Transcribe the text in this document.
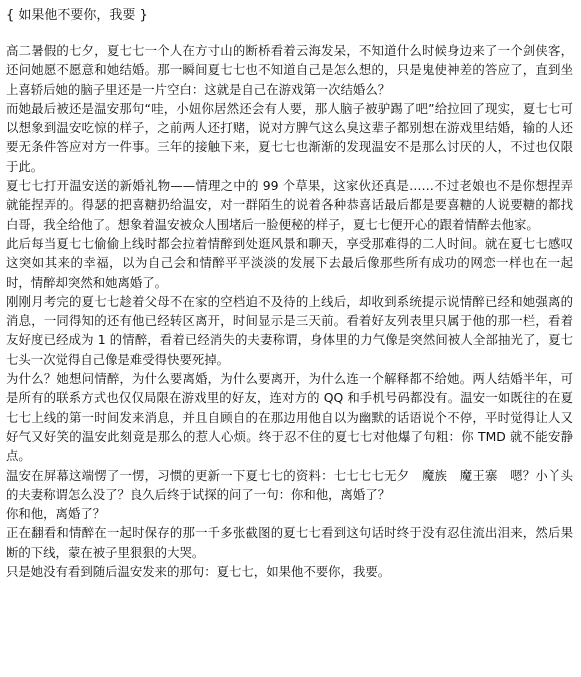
{ 如果他不要你，我要 }

高二暑假的七夕，夏七七一个人在方寸山的断桥看着云海发呆，不知道什么时候身边来了一个剑侠客，还问她愿不愿意和她结婚。那一瞬间夏七七也不知道自己是怎么想的，只是鬼使神差的答应了，直到坐上喜轿后她的脑子里还是一片空白：这就是自己在游戏第一次结婚么？

而她最后被还是温安那句“哇，小妞你居然还会有人要，那人脑子被驴踢了吧”给拉回了现实，夏七七可以想象到温安吃惊的样子，之前两人还打赌，说对方脾气这么臭这辈子都别想在游戏里结婚，输的人还要无条件答应对方一件事。三年的接触下来，夏七七也渐渐的发现温安不是那么讨厌的人，不过也仅限于此。

夏七七打开温安送的新婚礼物——情理之中的 99 个草果，这家伙还真是……不过老娘也不是你想捏弄就能捏弄的。得瑟的把喜糖扔给温安，对一群陌生的说着各种恭喜话最后都是要喜糖的人说要糖的都找白哥，我全给他了。想象着温安被众人围堵后一脸便秘的样子，夏七七便开心的跟着情醉去他家。

此后每当夏七七偷偷上线时都会拉着情醉到处逛风景和聊天，享受那难得的二人时间。就在夏七七感叹这突如其来的幸福，以为自己会和情醉平平淡淡的发展下去最后像那些所有成功的网恋一样也在一起时，情醉却突然和她离婚了。

刚刚月考完的夏七七趁着父母不在家的空档迫不及待的上线后，却收到系统提示说情醉已经和她强离的消息，一同得知的还有他已经转区离开，时间显示是三天前。看着好友列表里只属于他的那一栏，看着友好度已经成为 1 的情醉，看着已经消失的夫妻称谓，身体里的力气像是突然间被人全部抽光了，夏七七头一次觉得自己像是难受得快要死掉。

为什么？她想问情醉，为什么要离婚，为什么要离开，为什么连一个解释都不给她。两人结婚半年，可是所有的联系方式也仅仅局限在游戏里的好友，连对方的 QQ 和手机号码都没有。温安一如既往的在夏七七上线的第一时间发来消息，并且自顾自的在那边用他自以为幽默的话语说个不停，平时觉得让人又好气又好笑的温安此刻竟是那么的惹人心烦。终于忍不住的夏七七对他爆了句粗：你 TMD 就不能安静点。

温安在屏幕这端愣了一愣，习惯的更新一下夏七七的资料：七七七七无夕　魔族　魔王寨　嗯？小丫头的夫妻称谓怎么没了？良久后终于试探的问了一句：你和他，离婚了？

你和他，离婚了？

正在翻看和情醉在一起时保存的那一千多张截图的夏七七看到这句话时终于没有忍住流出泪来，然后果断的下线，蒙在被子里狠狠的大哭。

只是她没有看到随后温安发来的那句：夏七七，如果他不要你，我要。
